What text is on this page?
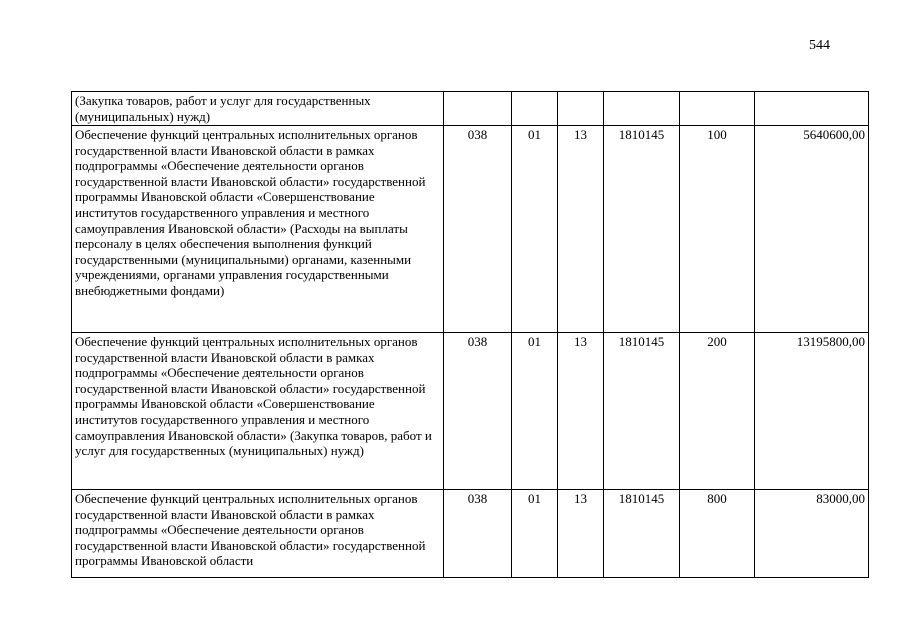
544
(Закупка товаров, работ и услуг для государственных (муниципальных) нужд)						
Обеспечение функций центральных исполнительных органов государственной власти Ивановской области в рамках подпрограммы «Обеспечение деятельности органов государственной власти Ивановской области» государственной программы Ивановской области «Совершенствование институтов государственного управления и местного самоуправления Ивановской области» (Расходы на выплаты персоналу в целях обеспечения выполнения функций государственными (муниципальными) органами, казенными учреждениями, органами управления государственными внебюджетными фондами)	038	01	13	1810145	100	5640600,00
Обеспечение функций центральных исполнительных органов государственной власти Ивановской области в рамках подпрограммы «Обеспечение деятельности органов государственной власти Ивановской области» государственной программы Ивановской области «Совершенствование институтов государственного управления и местного самоуправления Ивановской области» (Закупка товаров, работ и услуг для государственных (муниципальных) нужд)	038	01	13	1810145	200	13195800,00
Обеспечение функций центральных исполнительных органов государственной власти Ивановской области в рамках подпрограммы «Обеспечение деятельности органов государственной власти Ивановской области» государственной программы Ивановской области	038	01	13	1810145	800	83000,00
